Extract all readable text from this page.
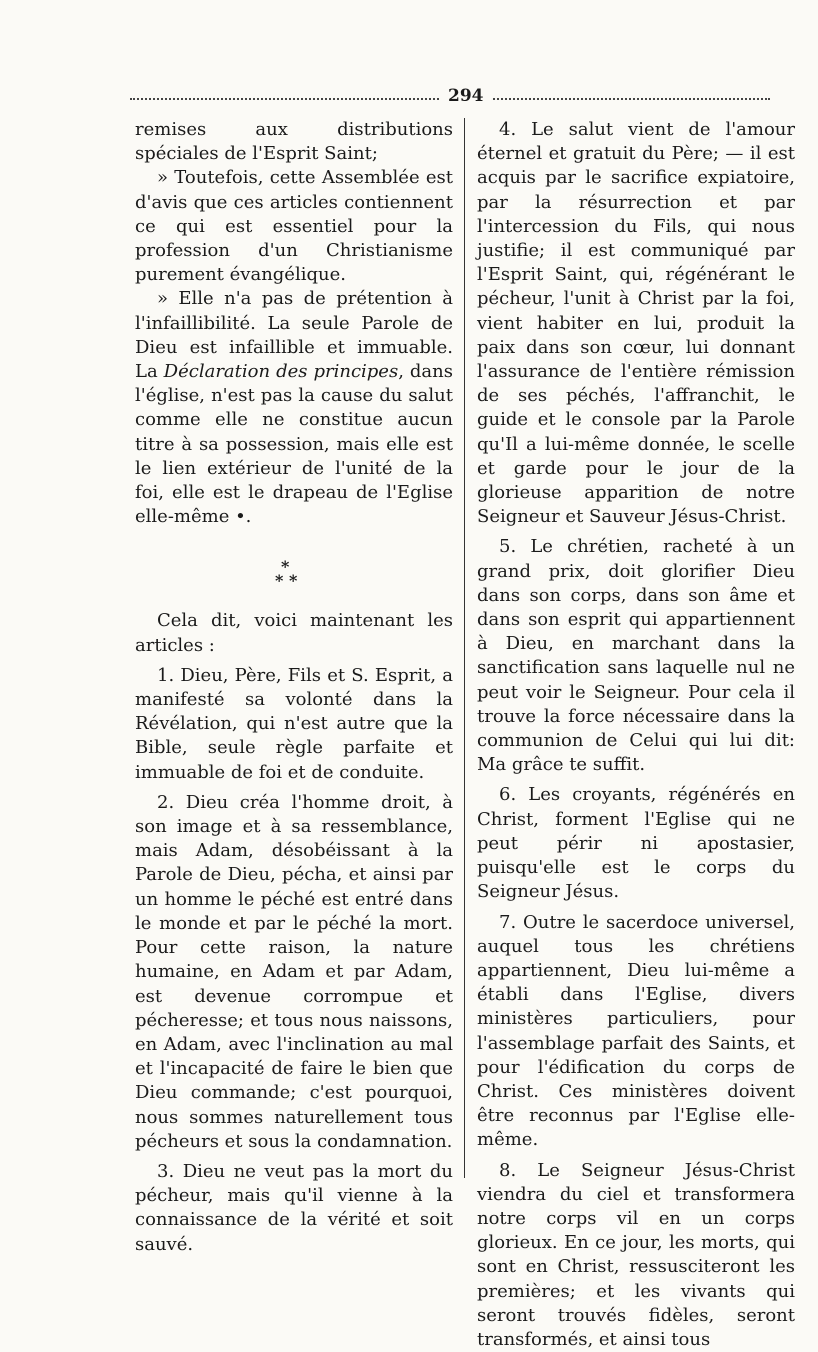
294

remises aux distributions spéciales de l'Esprit Saint;

» Toutefois, cette Assemblée est d'avis que ces articles contiennent ce qui est essentiel pour la profession d'un Christianisme purement évangélique.

» Elle n'a pas de prétention à l'infaillibilité. La seule Parole de Dieu est infaillible et immuable. La Déclaration des principes, dans l'église, n'est pas la cause du salut comme elle ne constitue aucun titre à sa possession, mais elle est le lien extérieur de l'unité de la foi, elle est le drapeau de l'Eglise elle-même •.

*
* *

Cela dit, voici maintenant les articles :

1. Dieu, Père, Fils et S. Esprit, a manifesté sa volonté dans la Révélation, qui n'est autre que la Bible, seule règle parfaite et immuable de foi et de conduite.

2. Dieu créa l'homme droit, à son image et à sa ressemblance, mais Adam, désobéissant à la Parole de Dieu, pécha, et ainsi par un homme le péché est entré dans le monde et par le péché la mort. Pour cette raison, la nature humaine, en Adam et par Adam, est devenue corrompue et pécheresse; et tous nous naissons, en Adam, avec l'inclination au mal et l'incapacité de faire le bien que Dieu commande; c'est pourquoi, nous sommes naturellement tous pécheurs et sous la condamnation.

3. Dieu ne veut pas la mort du pécheur, mais qu'il vienne à la connaissance de la vérité et soit sauvé.

4. Le salut vient de l'amour éternel et gratuit du Père; — il est acquis par le sacrifice expiatoire, par la résurrection et par l'intercession du Fils, qui nous justifie; il est communiqué par l'Esprit Saint, qui, régénérant le pécheur, l'unit à Christ par la foi, vient habiter en lui, produit la paix dans son cœur, lui donnant l'assurance de l'entière rémission de ses péchés, l'affranchit, le guide et le console par la Parole qu'Il a lui-même donnée, le scelle et garde pour le jour de la glorieuse apparition de notre Seigneur et Sauveur Jésus-Christ.

5. Le chrétien, racheté à un grand prix, doit glorifier Dieu dans son corps, dans son âme et dans son esprit qui appartiennent à Dieu, en marchant dans la sanctification sans laquelle nul ne peut voir le Seigneur. Pour cela il trouve la force nécessaire dans la communion de Celui qui lui dit: Ma grâce te suffit.

6. Les croyants, régénérés en Christ, forment l'Eglise qui ne peut périr ni apostasier, puisqu'elle est le corps du Seigneur Jésus.

7. Outre le sacerdoce universel, auquel tous les chrétiens appartiennent, Dieu lui-même a établi dans l'Eglise, divers ministères particuliers, pour l'assemblage parfait des Saints, et pour l'édification du corps de Christ. Ces ministères doivent être reconnus par l'Eglise elle-même.

8. Le Seigneur Jésus-Christ viendra du ciel et transformera notre corps vil en un corps glorieux. En ce jour, les morts, qui sont en Christ, ressusciteront les premières; et les vivants qui seront trouvés fidèles, seront transformés, et ainsi tous
